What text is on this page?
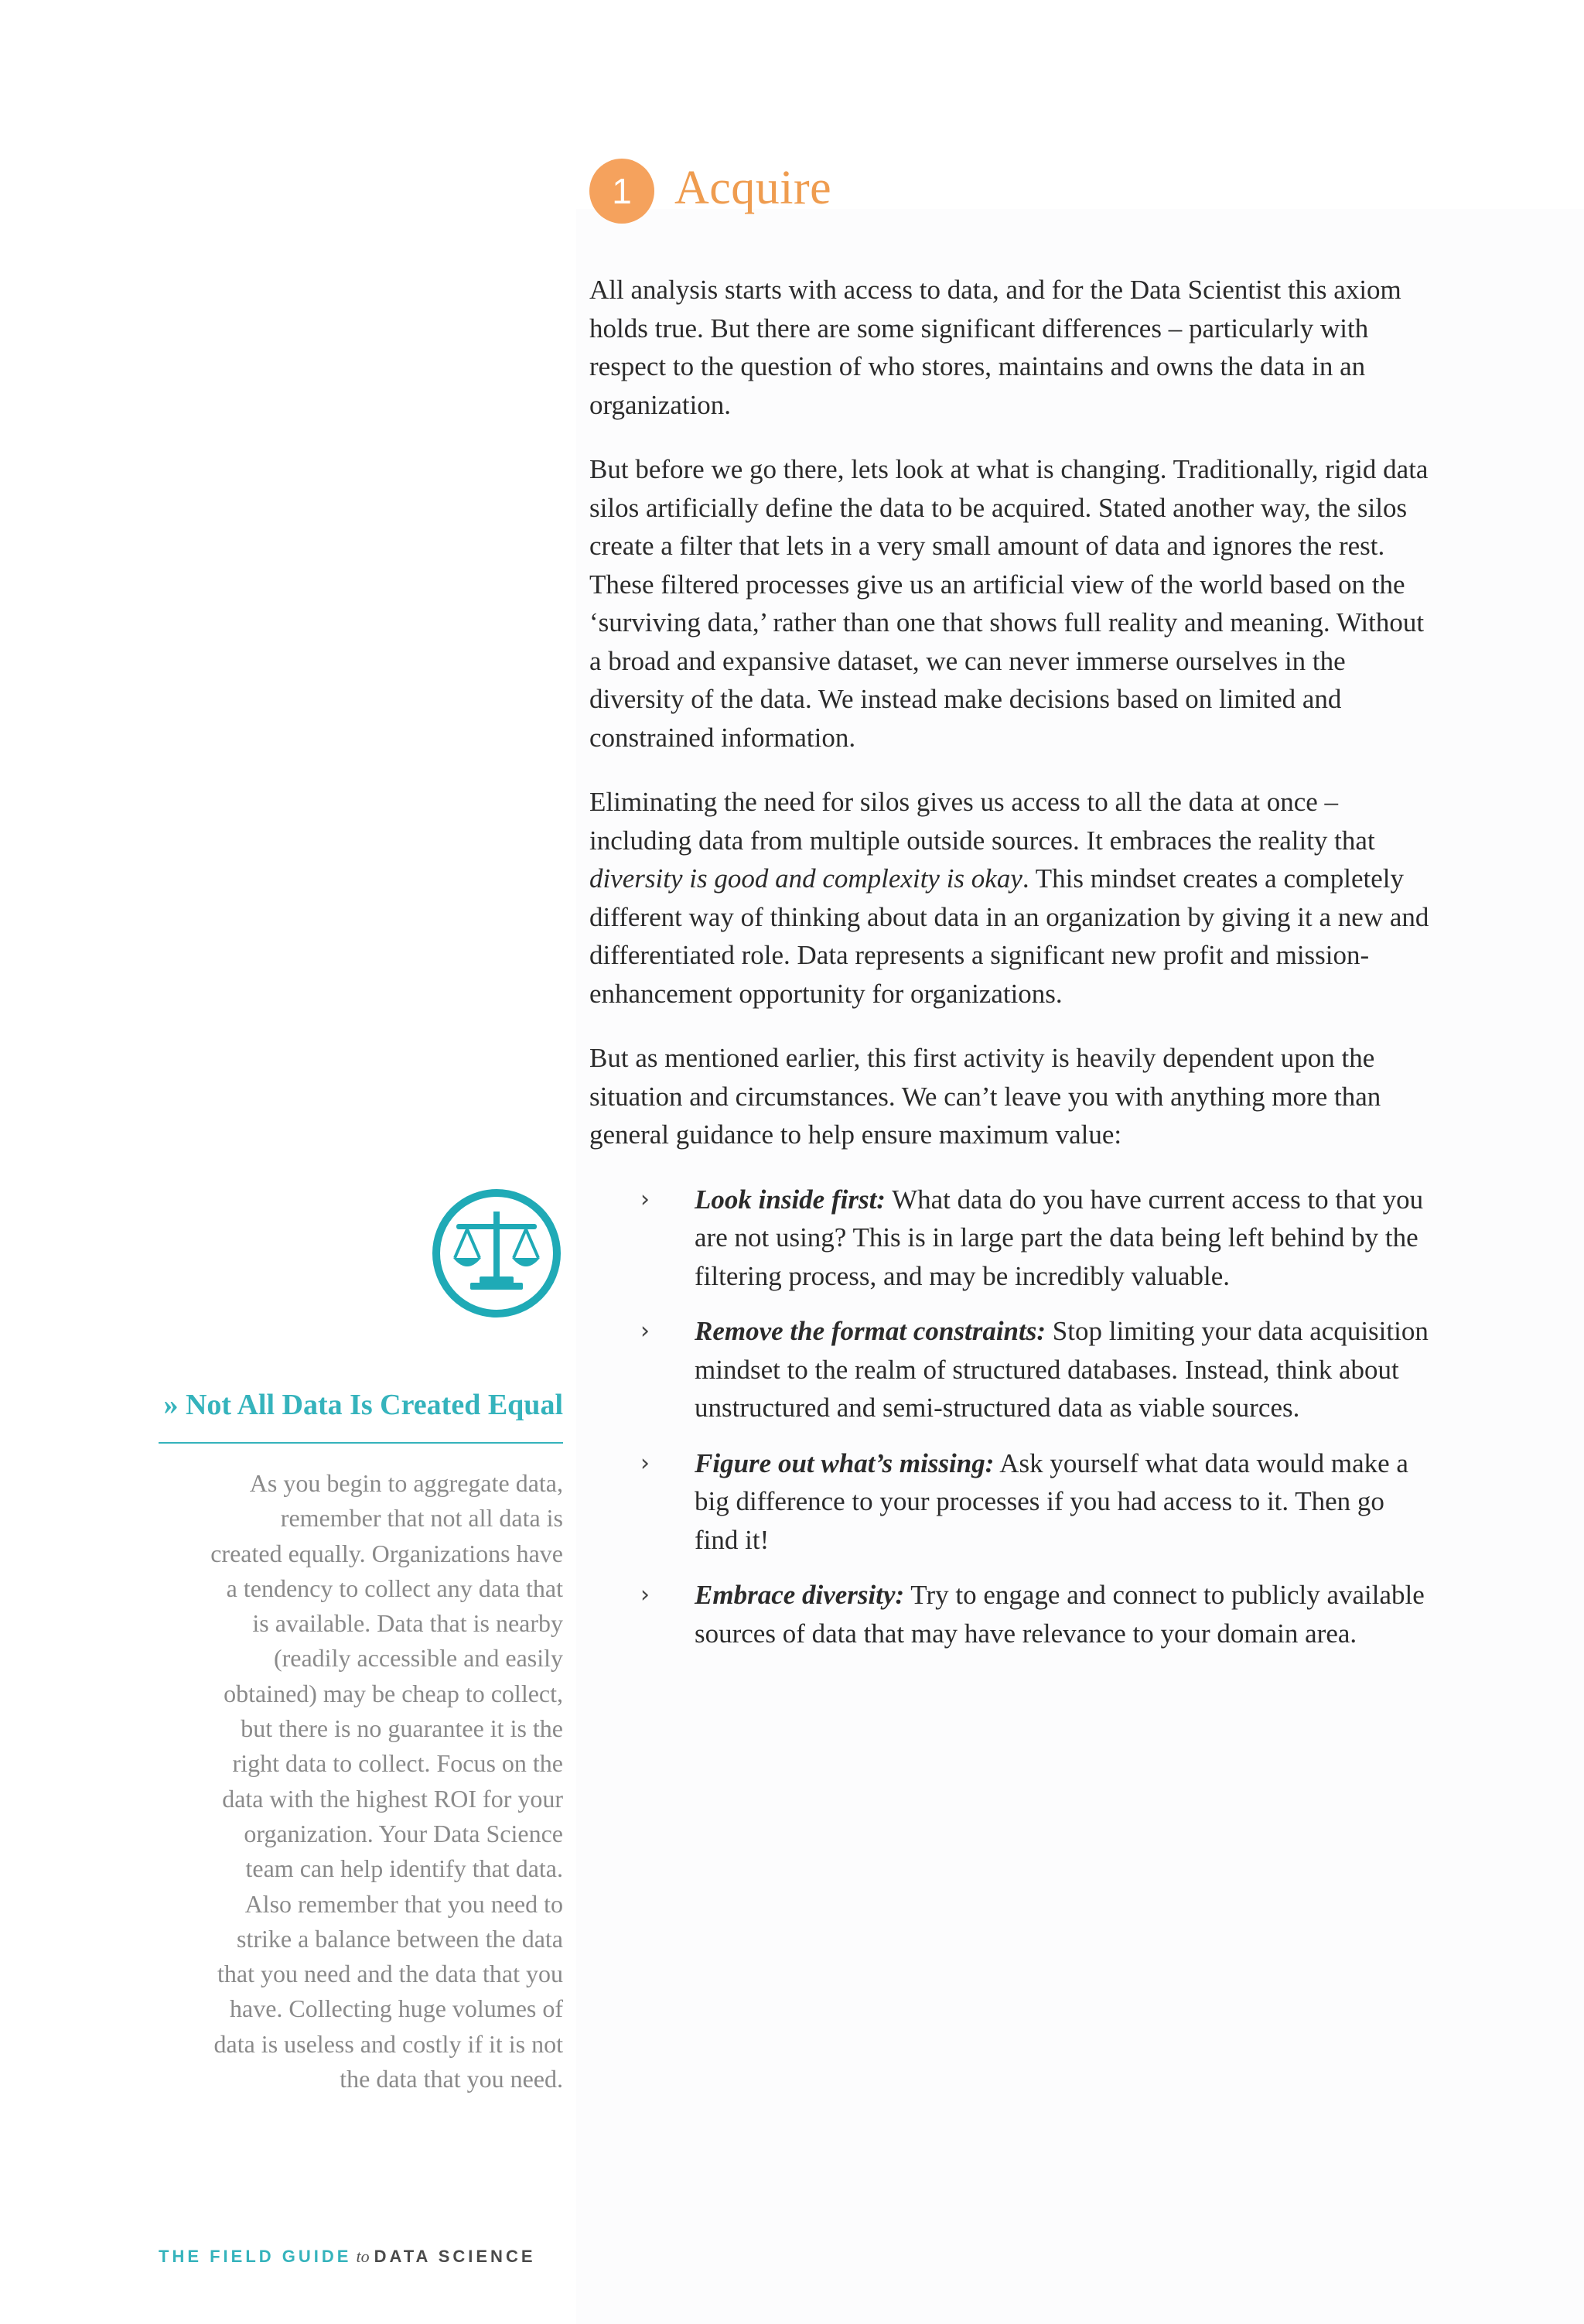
1 Acquire

All analysis starts with access to data, and for the Data Scientist this axiom holds true. But there are some significant differences – particularly with respect to the question of who stores, maintains and owns the data in an organization.

But before we go there, lets look at what is changing. Traditionally, rigid data silos artificially define the data to be acquired. Stated another way, the silos create a filter that lets in a very small amount of data and ignores the rest. These filtered processes give us an artificial view of the world based on the ‘surviving data,’ rather than one that shows full reality and meaning. Without a broad and expansive dataset, we can never immerse ourselves in the diversity of the data. We instead make decisions based on limited and constrained information.

Eliminating the need for silos gives us access to all the data at once – including data from multiple outside sources. It embraces the reality that diversity is good and complexity is okay. This mindset creates a completely different way of thinking about data in an organization by giving it a new and differentiated role. Data represents a significant new profit and mission-enhancement opportunity for organizations.

But as mentioned earlier, this first activity is heavily dependent upon the situation and circumstances. We can’t leave you with anything more than general guidance to help ensure maximum value:

› Look inside first: What data do you have current access to that you are not using? This is in large part the data being left behind by the filtering process, and may be incredibly valuable.
› Remove the format constraints: Stop limiting your data acquisition mindset to the realm of structured databases. Instead, think about unstructured and semi-structured data as viable sources.
› Figure out what’s missing: Ask yourself what data would make a big difference to your processes if you had access to it. Then go find it!
› Embrace diversity: Try to engage and connect to publicly available sources of data that may have relevance to your domain area.
» Not All Data Is Created Equal
As you begin to aggregate data,
remember that not all data is
created equally. Organizations have
a tendency to collect any data that
is available. Data that is nearby
(readily accessible and easily
obtained) may be cheap to collect,
but there is no guarantee it is the
right data to collect. Focus on the
data with the highest ROI for your
organization. Your Data Science
team can help identify that data.
Also remember that you need to
strike a balance between the data
that you need and the data that you
have. Collecting huge volumes of
data is useless and costly if it is not
the data that you need.
THE FIELD GUIDE to DATA SCIENCE
